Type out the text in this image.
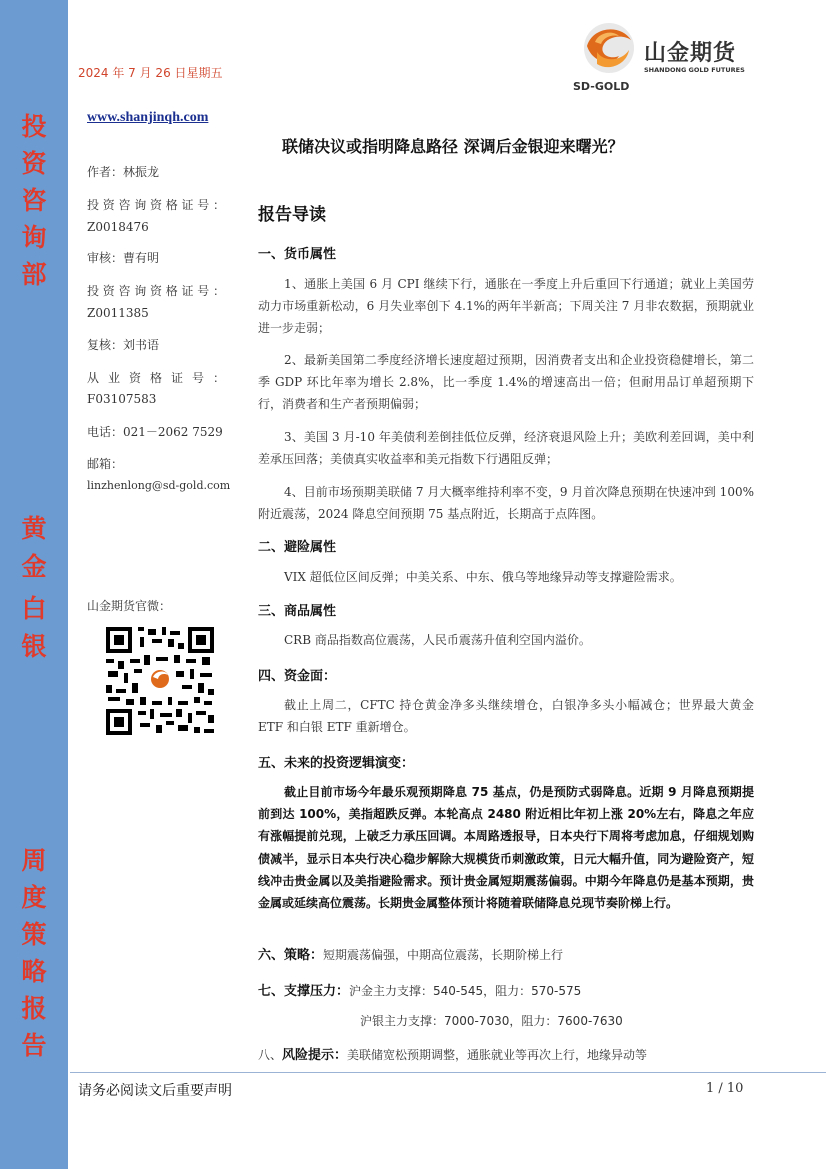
投
资
咨
询
部
黄
金
白
银
周
度
策
略
报
告
2024 年 7 月 26 日星期五
SD-GOLD
山金期货
SHANDONG GOLD FUTURES
www.shanjinqh.com
联储决议或指明降息路径 深调后金银迎来曙光？
作者：林振龙
投资咨询资格证号：
Z0018476
审核：曹有明
投资咨询资格证号：
Z0011385
复核：刘书语
从业资格证号：
F03107583
电话：021－2062 7529
邮箱：
linzhenlong@sd-gold.com
山金期货官微：
报告导读
一、货币属性
1、通胀上美国 6 月 CPI 继续下行，通胀在一季度上升后重回下行通道；就业上美国劳动力市场重新松动，6 月失业率创下 4.1%的两年半新高；下周关注 7 月非农数据，预期就业进一步走弱；
2、最新美国第二季度经济增长速度超过预期，因消费者支出和企业投资稳健增长，第二季 GDP 环比年率为增长 2.8%，比一季度 1.4%的增速高出一倍；但耐用品订单超预期下行，消费者和生产者预期偏弱；
3、美国 3 月-10 年美债利差倒挂低位反弹，经济衰退风险上升；美欧利差回调，美中利差承压回落；美债真实收益率和美元指数下行遇阻反弹；
4、目前市场预期美联储 7 月大概率维持利率不变，9 月首次降息预期在快速冲到 100%附近震荡，2024 降息空间预期 75 基点附近，长期高于点阵图。
二、避险属性
VIX 超低位区间反弹；中美关系、中东、俄乌等地缘异动等支撑避险需求。
三、商品属性
CRB 商品指数高位震荡，人民币震荡升值利空国内溢价。
四、资金面：
截止上周二，CFTC 持仓黄金净多头继续增仓，白银净多头小幅减仓；世界最大黄金 ETF 和白银 ETF 重新增仓。
五、未来的投资逻辑演变：
截止目前市场今年最乐观预期降息 75 基点，仍是预防式弱降息。近期 9 月降息预期提前到达 100%，美指超跌反弹。本轮高点 2480 附近相比年初上涨 20%左右，降息之年应有涨幅提前兑现，上破乏力承压回调。本周路透报导，日本央行下周将考虑加息，仔细规划购债减半，显示日本央行决心稳步解除大规模货币刺激政策，日元大幅升值，同为避险资产，短线冲击贵金属以及美指避险需求。预计贵金属短期震荡偏弱。中期今年降息仍是基本预期，贵金属或延续高位震荡。长期贵金属整体预计将随着联储降息兑现节奏阶梯上行。
六、策略：短期震荡偏强，中期高位震荡，长期阶梯上行
七、支撑压力：沪金主力支撑：540-545，阻力：570-575
沪银主力支撑：7000-7030，阻力：7600-7630
八、风险提示：美联储宽松预期调整，通胀就业等再次上行，地缘异动等
请务必阅读文后重要声明	1 / 10
